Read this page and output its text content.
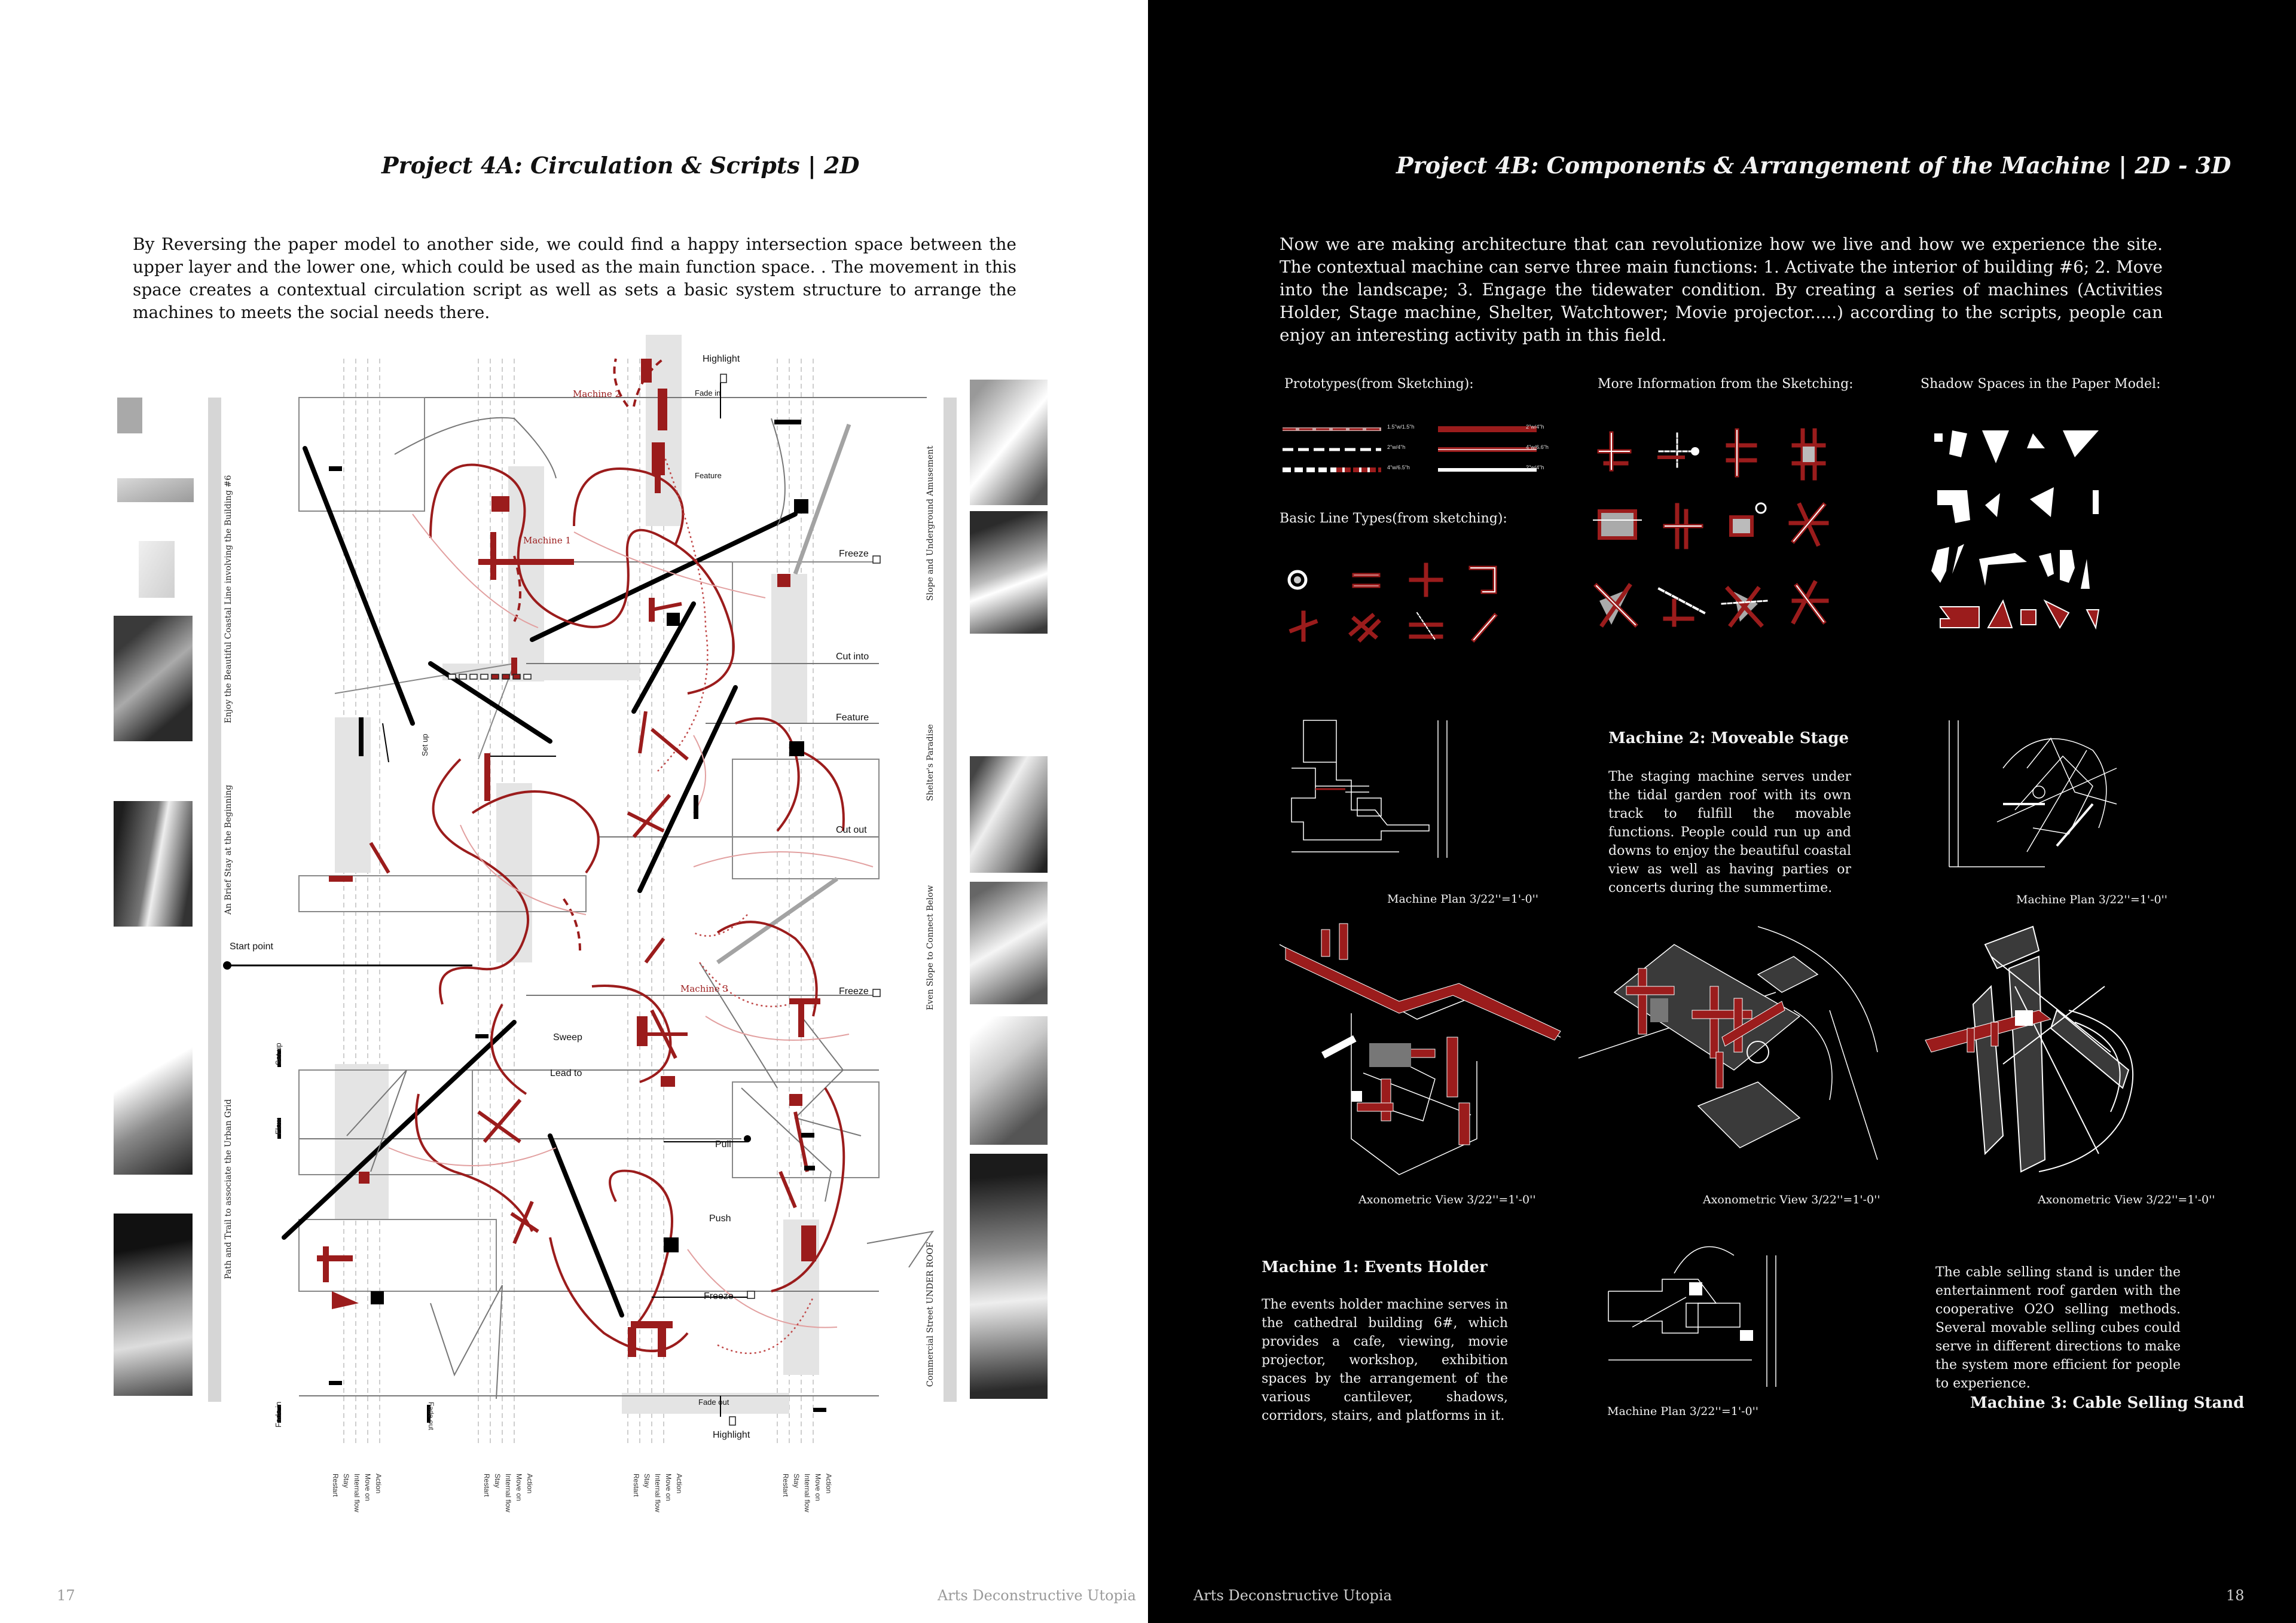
Project 4A: Circulation & Scripts | 2D
By Reversing the paper model to another side, we could find a happy intersection space between the upper layer and the lower one, which could be used as the main function space. . The movement in this space creates a contextual circulation script as well as sets a basic system structure to arrange the machines to meets the social needs there.
Enjoy the Beautiful Coastal Line involving the Building #6
An Brief Stay at the Beginning
Path and Trail to associate the Urban Grid
Slope and Underground Amusement
Shelter's Paradise
Even Slope to Connect Below
Commercial Street UNDER ROOF
Highlight
Fade in
Machine 2
Feature
Machine 1
Freeze
Cut into
Feature
Cut out
Start point
Machine 3	Freeze
Sweep
Lead to
Pull
Push
Freeze
Fade out
Highlight
Set up
Set up
Flow
Fade in	Fade out
Action
Move on
Internal flow
Stay
Restart	Action
Move on
Internal flow
Stay
Restart	Action
Move on
Internal flow
Stay
Restart	Action
Move on
Internal flow
Stay
Restart
17	Arts Deconstructive Utopia
Project 4B: Components & Arrangement of the Machine | 2D - 3D
Now we are making architecture that can revolutionize how we live and how we experience the site. The contextual machine can serve three main functions: 1. Activate the interior of building #6; 2. Move into the landscape; 3. Engage the tidewater condition. By creating a series of machines (Activities Holder, Stage machine, Shelter, Watchtower; Movie projector.....) according to the scripts, people can enjoy an interesting activity path in this field.
Prototypes(from Sketching):	More Information from the Sketching:	Shadow Spaces in the Paper Model:
Basic Line Types(from sketching):
1.5"w/1.5"h
2"w/4"h
4"w/6.5"h
2"w/4"h
4"w/6.6"h
2"w/4"h
Machine Plan 3/22''=1'-0''	Machine Plan 3/22''=1'-0''
Machine Plan 3/22''=1'-0''
Axonometric View 3/22''=1'-0''	Axonometric View 3/22''=1'-0''	Axonometric View 3/22''=1'-0''
Machine 2: Moveable Stage
The staging machine serves under the tidal garden roof with its own track to fulfill the movable functions. People could run up and downs to enjoy the beautiful coastal view as well as having parties or concerts during the summertime.
Machine 1: Events Holder
The events holder machine serves in the cathedral building 6#, which provides a cafe, viewing, movie projector, workshop, exhibition spaces by the arrangement of the various cantilever, shadows, corridors, stairs, and platforms in it.
The cable selling stand is under the entertainment roof garden with the cooperative O2O selling methods. Several movable selling cubes could serve in different directions to make the system more efficient for people to experience.
Machine 3: Cable Selling Stand
Arts Deconstructive Utopia	18
